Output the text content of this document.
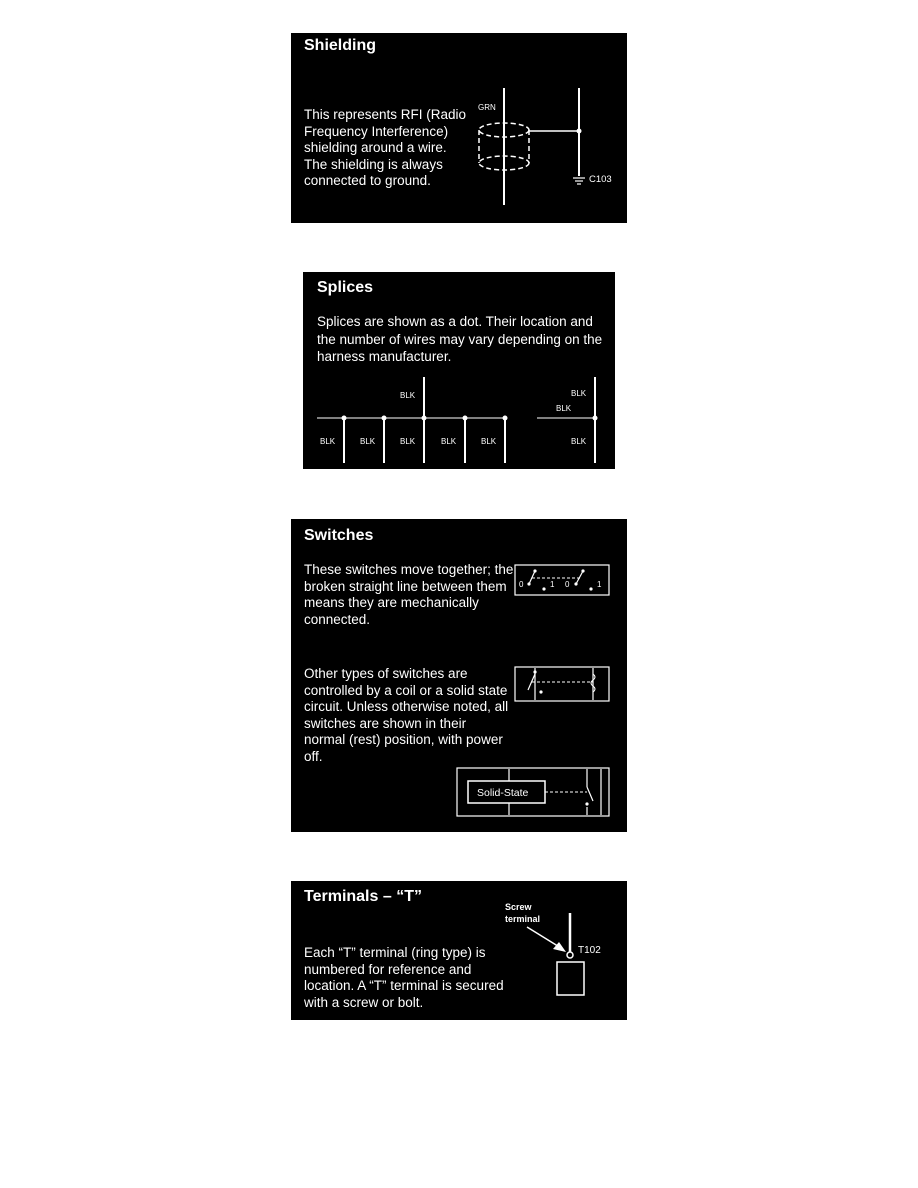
Shielding
This represents RFI (Radio Frequency Interference) shielding around a wire. The shielding is always connected to ground.
GRN
C103
Splices
Splices are shown as a dot. Their location and the number of wires may vary depending on the harness manufacturer.
BLK
BLK	BLK	BLK	BLK	BLK
BLK
BLK
BLK
Switches
These switches move together; the broken straight line between them means they are mechanically connected.
Other types of switches are controlled by a coil or a solid state circuit. Unless otherwise noted, all switches are shown in their normal (rest) position, with power off.
0	1 0	1
Solid-State
Terminals – “T”
Each “T” terminal (ring type) is numbered for reference and location. A “T” terminal is secured with a screw or bolt.
Screw
terminal
T102
